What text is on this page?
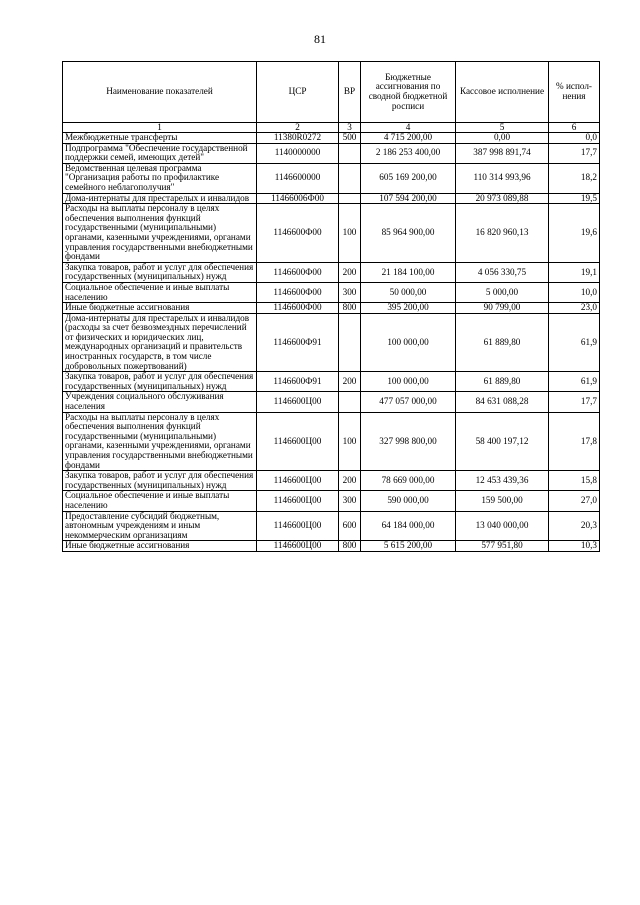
81
Наименование показателей	ЦСР	ВР	Бюджетные ассигнования по сводной бюджетной росписи	Кассовое исполнение	% испол-нения
1	2	3	4	5	6
Межбюджетные трансферты	11380R0272	500	4 715 200,00	0,00	0,0
Подпрограмма "Обеспечение государственной поддержки семей, имеющих детей"	1140000000		2 186 253 400,00	387 998 891,74	17,7
Ведомственная целевая программа "Организация работы по профилактике семейного неблагополучия"	1146600000		605 169 200,00	110 314 993,96	18,2
Дома-интернаты для престарелых и инвалидов	11466006Ф00		107 594 200,00	20 973 089,88	19,5
Расходы на выплаты персоналу в целях обеспечения выполнения функций государственными (муниципальными) органами, казенными учреждениями, органами управления государственными внебюджетными фондами	1146600Ф00	100	85 964 900,00	16 820 960,13	19,6
Закупка товаров, работ и услуг для обеспечения государственных (муниципальных) нужд	1146600Ф00	200	21 184 100,00	4 056 330,75	19,1
Социальное обеспечение и иные выплаты населению	1146600Ф00	300	50 000,00	5 000,00	10,0
Иные бюджетные ассигнования	1146600Ф00	800	395 200,00	90 799,00	23,0
Дома-интернаты для престарелых и инвалидов (расходы за счет безвозмездных перечислений от физических и юридических лиц, международных организаций и правительств иностранных государств, в том числе добровольных пожертвований)	1146600Ф91		100 000,00	61 889,80	61,9
Закупка товаров, работ и услуг для обеспечения государственных (муниципальных) нужд	1146600Ф91	200	100 000,00	61 889,80	61,9
Учреждения социального обслуживания населения	1146600Ц00		477 057 000,00	84 631 088,28	17,7
Расходы на выплаты персоналу в целях обеспечения выполнения функций государственными (муниципальными) органами, казенными учреждениями, органами управления государственными внебюджетными фондами	1146600Ц00	100	327 998 800,00	58 400 197,12	17,8
Закупка товаров, работ и услуг для обеспечения государственных (муниципальных) нужд	1146600Ц00	200	78 669 000,00	12 453 439,36	15,8
Социальное обеспечение и иные выплаты населению	1146600Ц00	300	590 000,00	159 500,00	27,0
Предоставление субсидий бюджетным, автономным учреждениям и иным некоммерческим организациям	1146600Ц00	600	64 184 000,00	13 040 000,00	20,3
Иные бюджетные ассигнования	1146600Ц00	800	5 615 200,00	577 951,80	10,3
